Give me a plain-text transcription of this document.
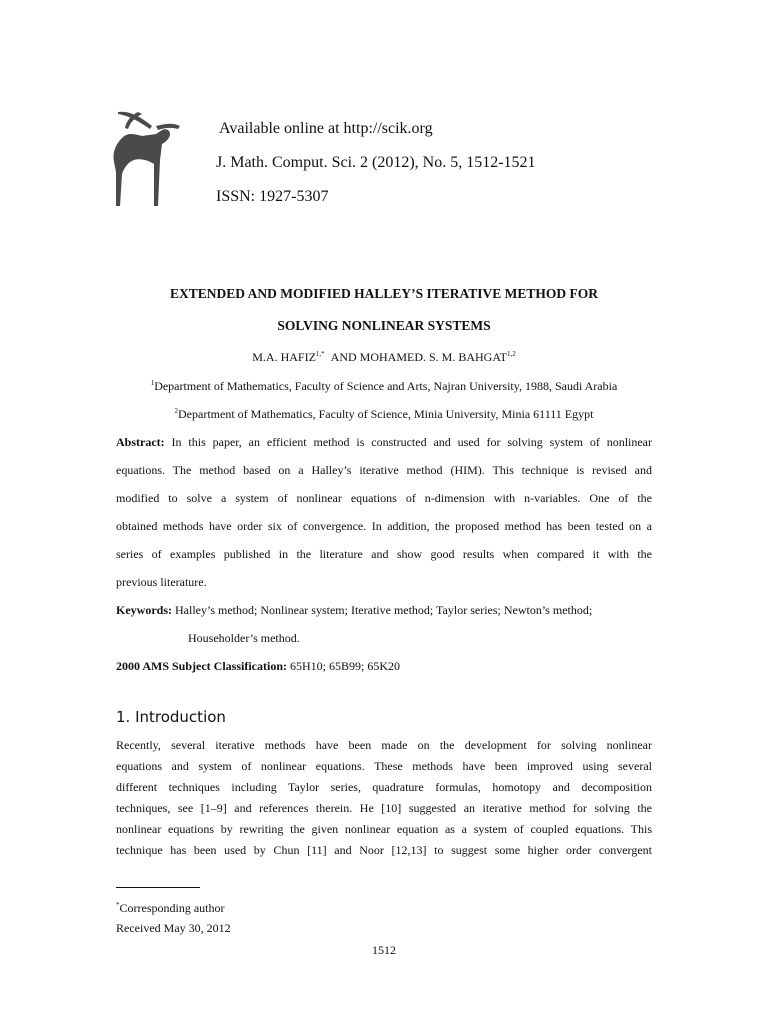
Available online at http://scik.org
J. Math. Comput. Sci. 2 (2012), No. 5, 1512-1521
ISSN: 1927-5307
EXTENDED AND MODIFIED HALLEY’S ITERATIVE METHOD FOR
SOLVING NONLINEAR SYSTEMS
M.A. $HAFIZ^{1,*}$ AND MOHAMED. S. M. BAHGAT$^{1,2}$
$^1$Department of Mathematics, Faculty of Science and Arts, Najran University, 1988, Saudi Arabia
$^2$Department of Mathematics, Faculty of Science, Minia University, Minia 61111 Egypt
Abstract: In this paper, an efficient method is constructed and used for solving system of nonlinear
equations. The method based on a Halley’s iterative method (HIM). This technique is revised and
modified to solve a system of nonlinear equations of n-dimension with n-variables. One of the
obtained methods have order six of convergence. In addition, the proposed method has been tested on a
series of examples published in the literature and show good results when compared it with the
previous literature.
Keywords: Halley’s method; Nonlinear system; Iterative method; Taylor series; Newton’s method;
Householder’s method.
2000 AMS Subject Classification: 65H10; 65B99; 65K20
1. Introduction
Recently, several iterative methods have been made on the development for solving nonlinear
equations and system of nonlinear equations. These methods have been improved using several
different techniques including Taylor series, quadrature formulas, homotopy and decomposition
techniques, see [1–9] and references therein. He [10] suggested an iterative method for solving the
nonlinear equations by rewriting the given nonlinear equation as a system of coupled equations. This
technique has been used by Chun [11] and Noor [12,13] to suggest some higher order convergent
*Corresponding author
Received May 30, 2012
1512
